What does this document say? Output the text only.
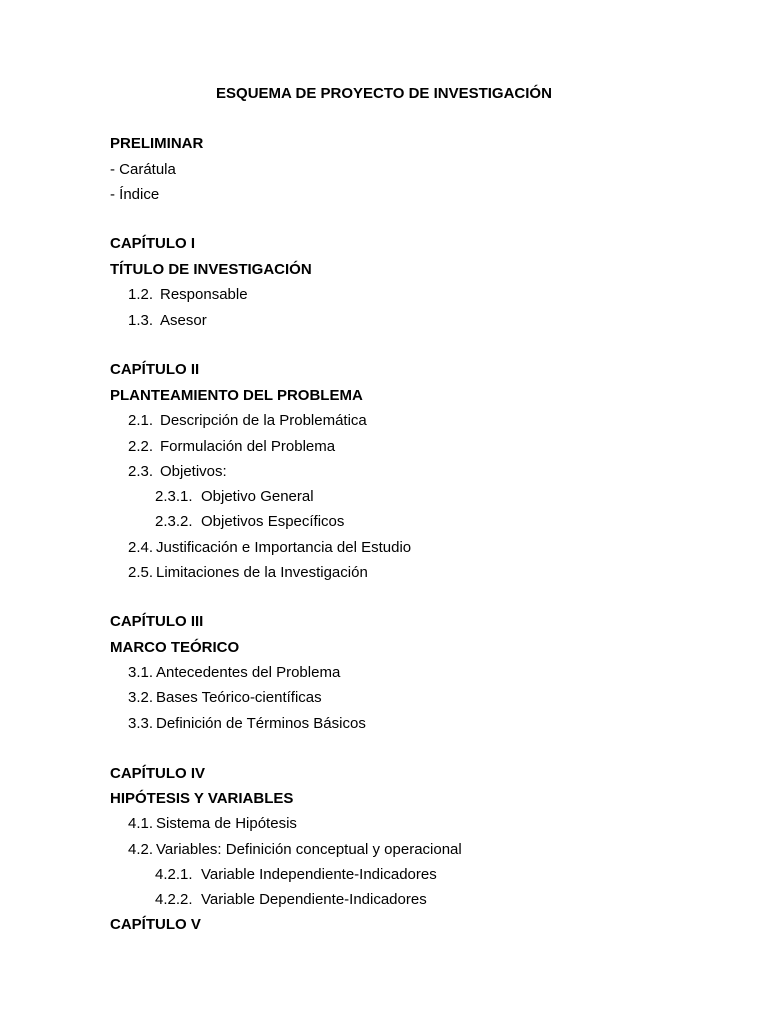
ESQUEMA DE PROYECTO DE INVESTIGACIÓN
PRELIMINAR
- Carátula
- Índice
CAPÍTULO I
TÍTULO DE INVESTIGACIÓN
1.2. Responsable
1.3. Asesor
CAPÍTULO II
PLANTEAMIENTO DEL PROBLEMA
2.1. Descripción de la Problemática
2.2. Formulación del Problema
2.3. Objetivos:
2.3.1. Objetivo General
2.3.2. Objetivos Específicos
2.4. Justificación e Importancia del Estudio
2.5. Limitaciones de la Investigación
CAPÍTULO III
MARCO TEÓRICO
3.1. Antecedentes del Problema
3.2. Bases Teórico-científicas
3.3. Definición de Términos Básicos
CAPÍTULO IV
HIPÓTESIS Y VARIABLES
4.1. Sistema de Hipótesis
4.2. Variables: Definición conceptual y operacional
4.2.1. Variable Independiente-Indicadores
4.2.2. Variable Dependiente-Indicadores
CAPÍTULO V
